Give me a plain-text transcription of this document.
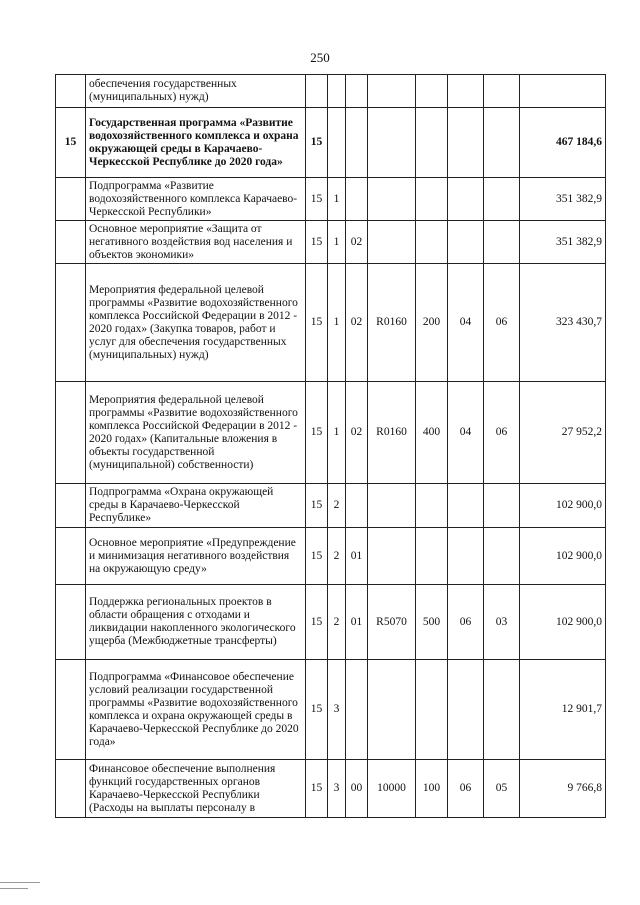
250
	обеспечения государственных (муниципальных) нужд)								
15	Государственная программа «Развитие водохозяйственного комплекса и охрана окружающей среды в Карачаево-Черкесской Республике до 2020 года»	15							467 184,6
	Подпрограмма «Развитие водохозяйственного комплекса Карачаево-Черкесской Республики»	15	1						351 382,9
	Основное мероприятие «Защита от негативного воздействия вод населения и объектов экономики»	15	1	02					351 382,9
	Мероприятия федеральной целевой программы «Развитие водохозяйственного комплекса Российской Федерации в 2012 - 2020 годах» (Закупка товаров, работ и услуг для обеспечения государственных (муниципальных) нужд)	15	1	02	R0160	200	04	06	323 430,7
	Мероприятия федеральной целевой программы «Развитие водохозяйственного комплекса Российской Федерации в 2012 - 2020 годах» (Капитальные вложения в объекты государственной (муниципальной) собственности)	15	1	02	R0160	400	04	06	27 952,2
	Подпрограмма «Охрана окружающей среды в Карачаево-Черкесской Республике»	15	2						102 900,0
	Основное мероприятие «Предупреждение и минимизация негативного воздействия на окружающую среду»	15	2	01					102 900,0
	Поддержка региональных проектов в области обращения с отходами и ликвидации накопленного экологического ущерба (Межбюджетные трансферты)	15	2	01	R5070	500	06	03	102 900,0
	Подпрограмма «Финансовое обеспечение условий реализации государственной программы «Развитие водохозяйственного комплекса и охрана окружающей среды в Карачаево-Черкесской Республике до 2020 года»	15	3						12 901,7
	Финансовое обеспечение выполнения функций государственных органов Карачаево-Черкесской Республики (Расходы на выплаты персоналу в	15	3	00	10000	100	06	05	9 766,8
